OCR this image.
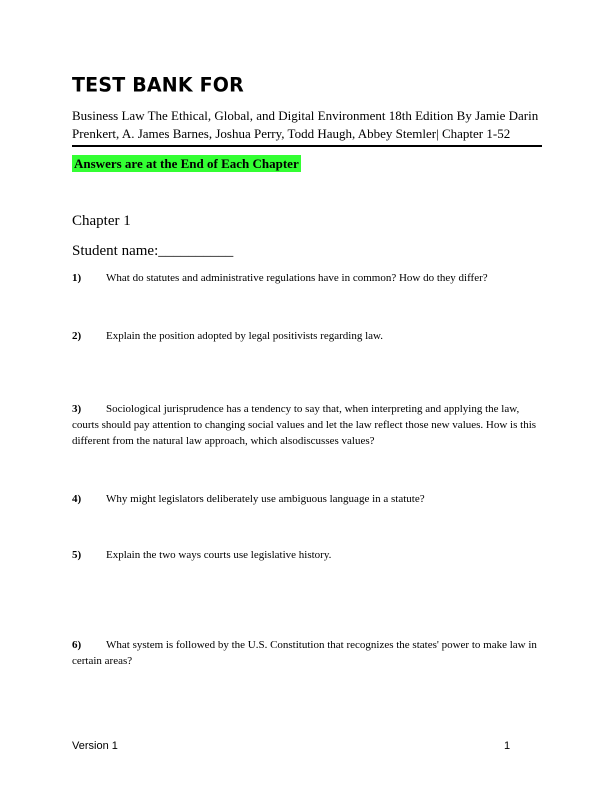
TEST BANK FOR
Business Law The Ethical, Global, and Digital Environment 18th Edition By Jamie Darin Prenkert, A. James Barnes, Joshua Perry, Todd Haugh, Abbey Stemler| Chapter 1-52
Answers are at the End of Each Chapter
Chapter 1
Student name:__________
1) What do statutes and administrative regulations have in common? How do they differ?
2) Explain the position adopted by legal positivists regarding law.
3) Sociological jurisprudence has a tendency to say that, when interpreting and applying the law, courts should pay attention to changing social values and let the law reflect those new values. How is this different from the natural law approach, which alsodiscusses values?
4) Why might legislators deliberately use ambiguous language in a statute?
5) Explain the two ways courts use legislative history.
6) What system is followed by the U.S. Constitution that recognizes the states' power to make law in certain areas?
Version 1	1
